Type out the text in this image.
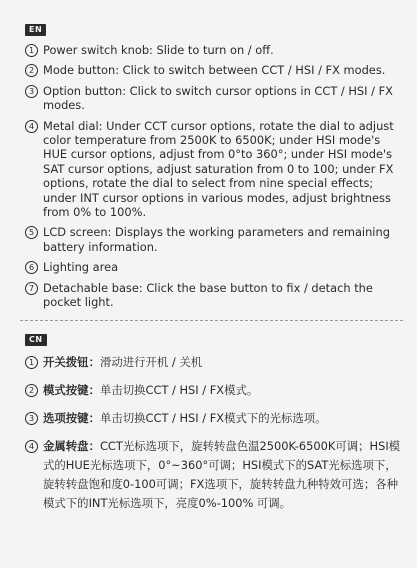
EN
1 Power switch knob: Slide to turn on / off.
2 Mode button: Click to switch between CCT / HSI / FX modes.
3 Option button: Click to switch cursor options in CCT / HSI / FX modes.
4 Metal dial: Under CCT cursor options, rotate the dial to adjust color temperature from 2500K to 6500K; under HSI mode's HUE cursor options, adjust from 0°to 360°; under HSI mode's SAT cursor options, adjust saturation from 0 to 100; under FX options, rotate the dial to select from nine special effects; under INT cursor options in various modes, adjust brightness from 0% to 100%.
5 LCD screen: Displays the working parameters and remaining battery information.
6 Lighting area
7 Detachable base: Click the base button to fix / detach the pocket light.
CN
1 开关拨钮：滑动进行开机 / 关机
2 模式按键：单击切换CCT / HSI / FX模式。
3 选项按键：单击切换CCT / HSI / FX模式下的光标选项。
4 金属转盘：CCT光标选项下，旋转转盘色温2500K-6500K可调；HSI模式的HUE光标选项下，0°~360°可调；HSI模式下的SAT光标选项下，旋转转盘饱和度0-100可调；FX选项下，旋转转盘九种特效可选；各种模式下的INT光标选项下，亮度0%-100% 可调。
